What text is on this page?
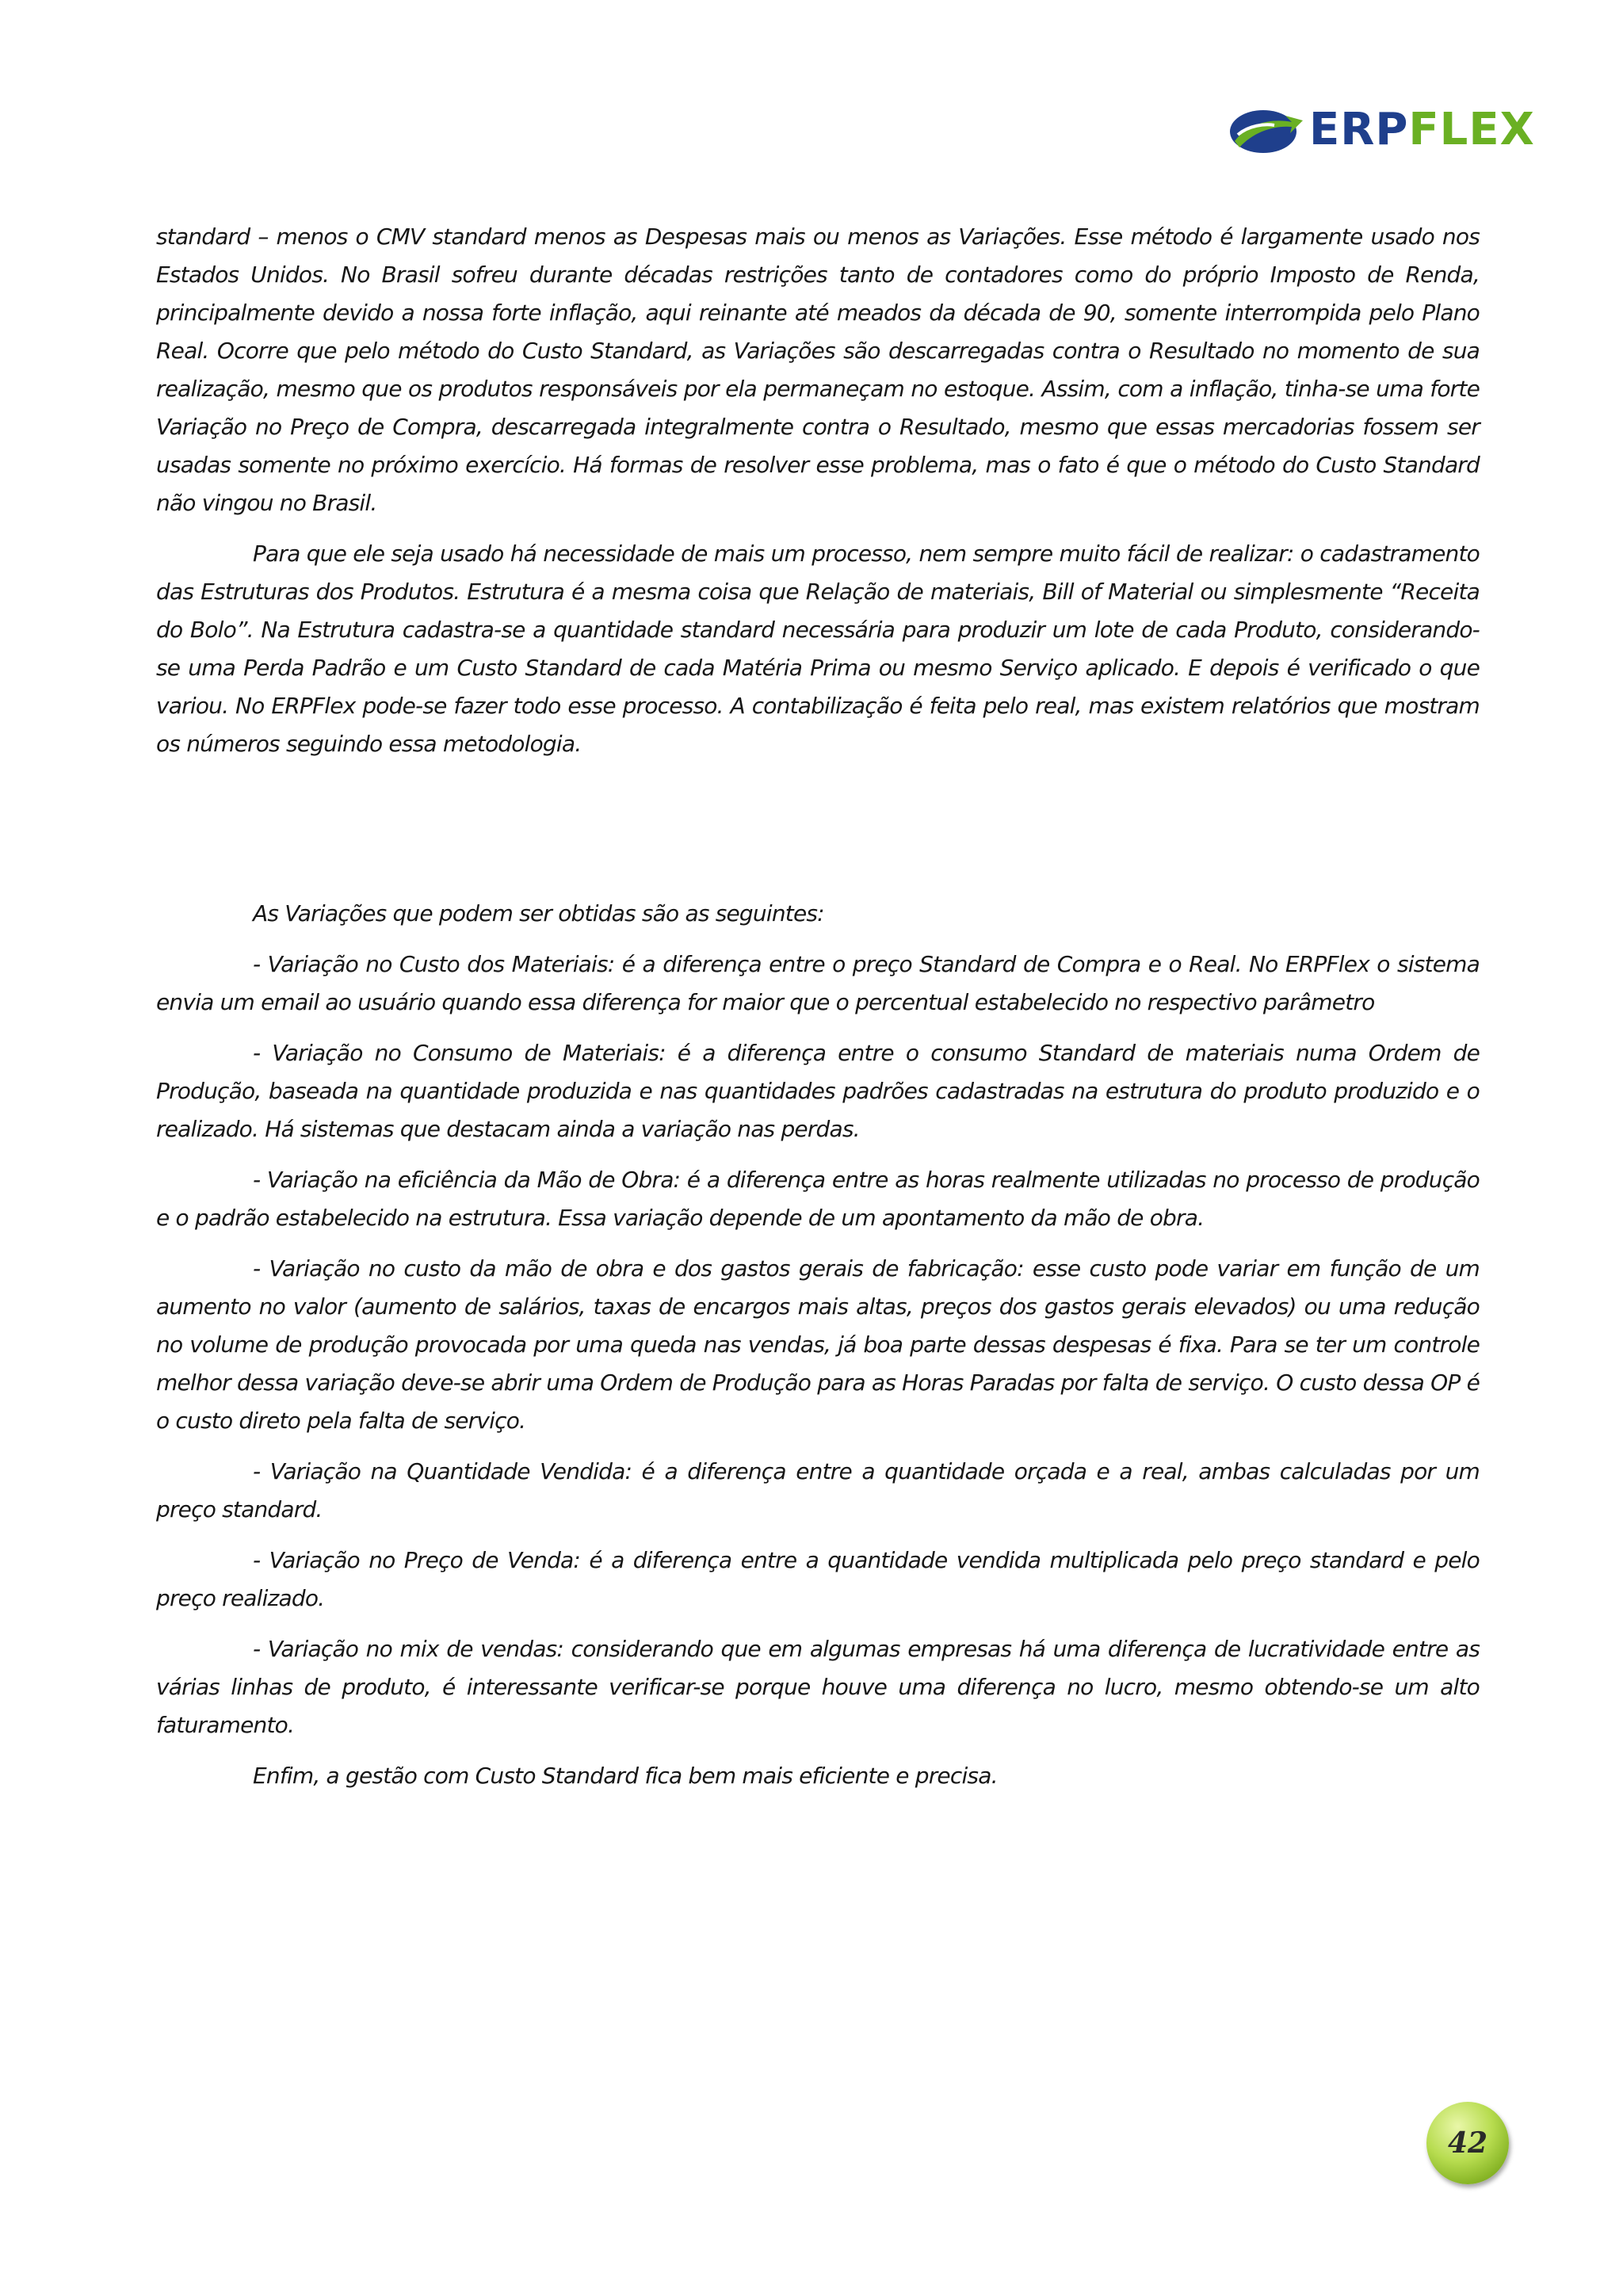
ERP FLEX

standard – menos o CMV standard menos as Despesas mais ou menos as Variações. Esse método é largamente usado nos Estados Unidos. No Brasil sofreu durante décadas restrições tanto de contadores como do próprio Imposto de Renda, principalmente devido a nossa forte inflação, aqui reinante até meados da década de 90, somente interrompida pelo Plano Real. Ocorre que pelo método do Custo Standard, as Variações são descarregadas contra o Resultado no momento de sua realização, mesmo que os produtos responsáveis por ela permaneçam no estoque. Assim, com a inflação, tinha-se uma forte Variação no Preço de Compra, descarregada integralmente contra o Resultado, mesmo que essas mercadorias fossem ser usadas somente no próximo exercício. Há formas de resolver esse problema, mas o fato é que o método do Custo Standard não vingou no Brasil.

Para que ele seja usado há necessidade de mais um processo, nem sempre muito fácil de realizar: o cadastramento das Estruturas dos Produtos. Estrutura é a mesma coisa que Relação de materiais, Bill of Material ou simplesmente “Receita do Bolo”. Na Estrutura cadastra-se a quantidade standard necessária para produzir um lote de cada Produto, considerando-se uma Perda Padrão e um Custo Standard de cada Matéria Prima ou mesmo Serviço aplicado. E depois é verificado o que variou. No ERPFlex pode-se fazer todo esse processo. A contabilização é feita pelo real, mas existem relatórios que mostram os números seguindo essa metodologia.

As Variações que podem ser obtidas são as seguintes:

- Variação no Custo dos Materiais: é a diferença entre o preço Standard de Compra e o Real. No ERPFlex o sistema envia um email ao usuário quando essa diferença for maior que o percentual estabelecido no respectivo parâmetro

- Variação no Consumo de Materiais: é a diferença entre o consumo Standard de materiais numa Ordem de Produção, baseada na quantidade produzida e nas quantidades padrões cadastradas na estrutura do produto produzido e o realizado. Há sistemas que destacam ainda a variação nas perdas.

- Variação na eficiência da Mão de Obra: é a diferença entre as horas realmente utilizadas no processo de produção e o padrão estabelecido na estrutura. Essa variação depende de um apontamento da mão de obra.

- Variação no custo da mão de obra e dos gastos gerais de fabricação: esse custo pode variar em função de um aumento no valor (aumento de salários, taxas de encargos mais altas, preços dos gastos gerais elevados) ou uma redução no volume de produção provocada por uma queda nas vendas, já boa parte dessas despesas é fixa. Para se ter um controle melhor dessa variação deve-se abrir uma Ordem de Produção para as Horas Paradas por falta de serviço. O custo dessa OP é o custo direto pela falta de serviço.

- Variação na Quantidade Vendida: é a diferença entre a quantidade orçada e a real, ambas calculadas por um preço standard.

- Variação no Preço de Venda: é a diferença entre a quantidade vendida multiplicada pelo preço standard e pelo preço realizado.

- Variação no mix de vendas: considerando que em algumas empresas há uma diferença de lucratividade entre as várias linhas de produto, é interessante verificar-se porque houve uma diferença no lucro, mesmo obtendo-se um alto faturamento.

Enfim, a gestão com Custo Standard fica bem mais eficiente e precisa.

42
